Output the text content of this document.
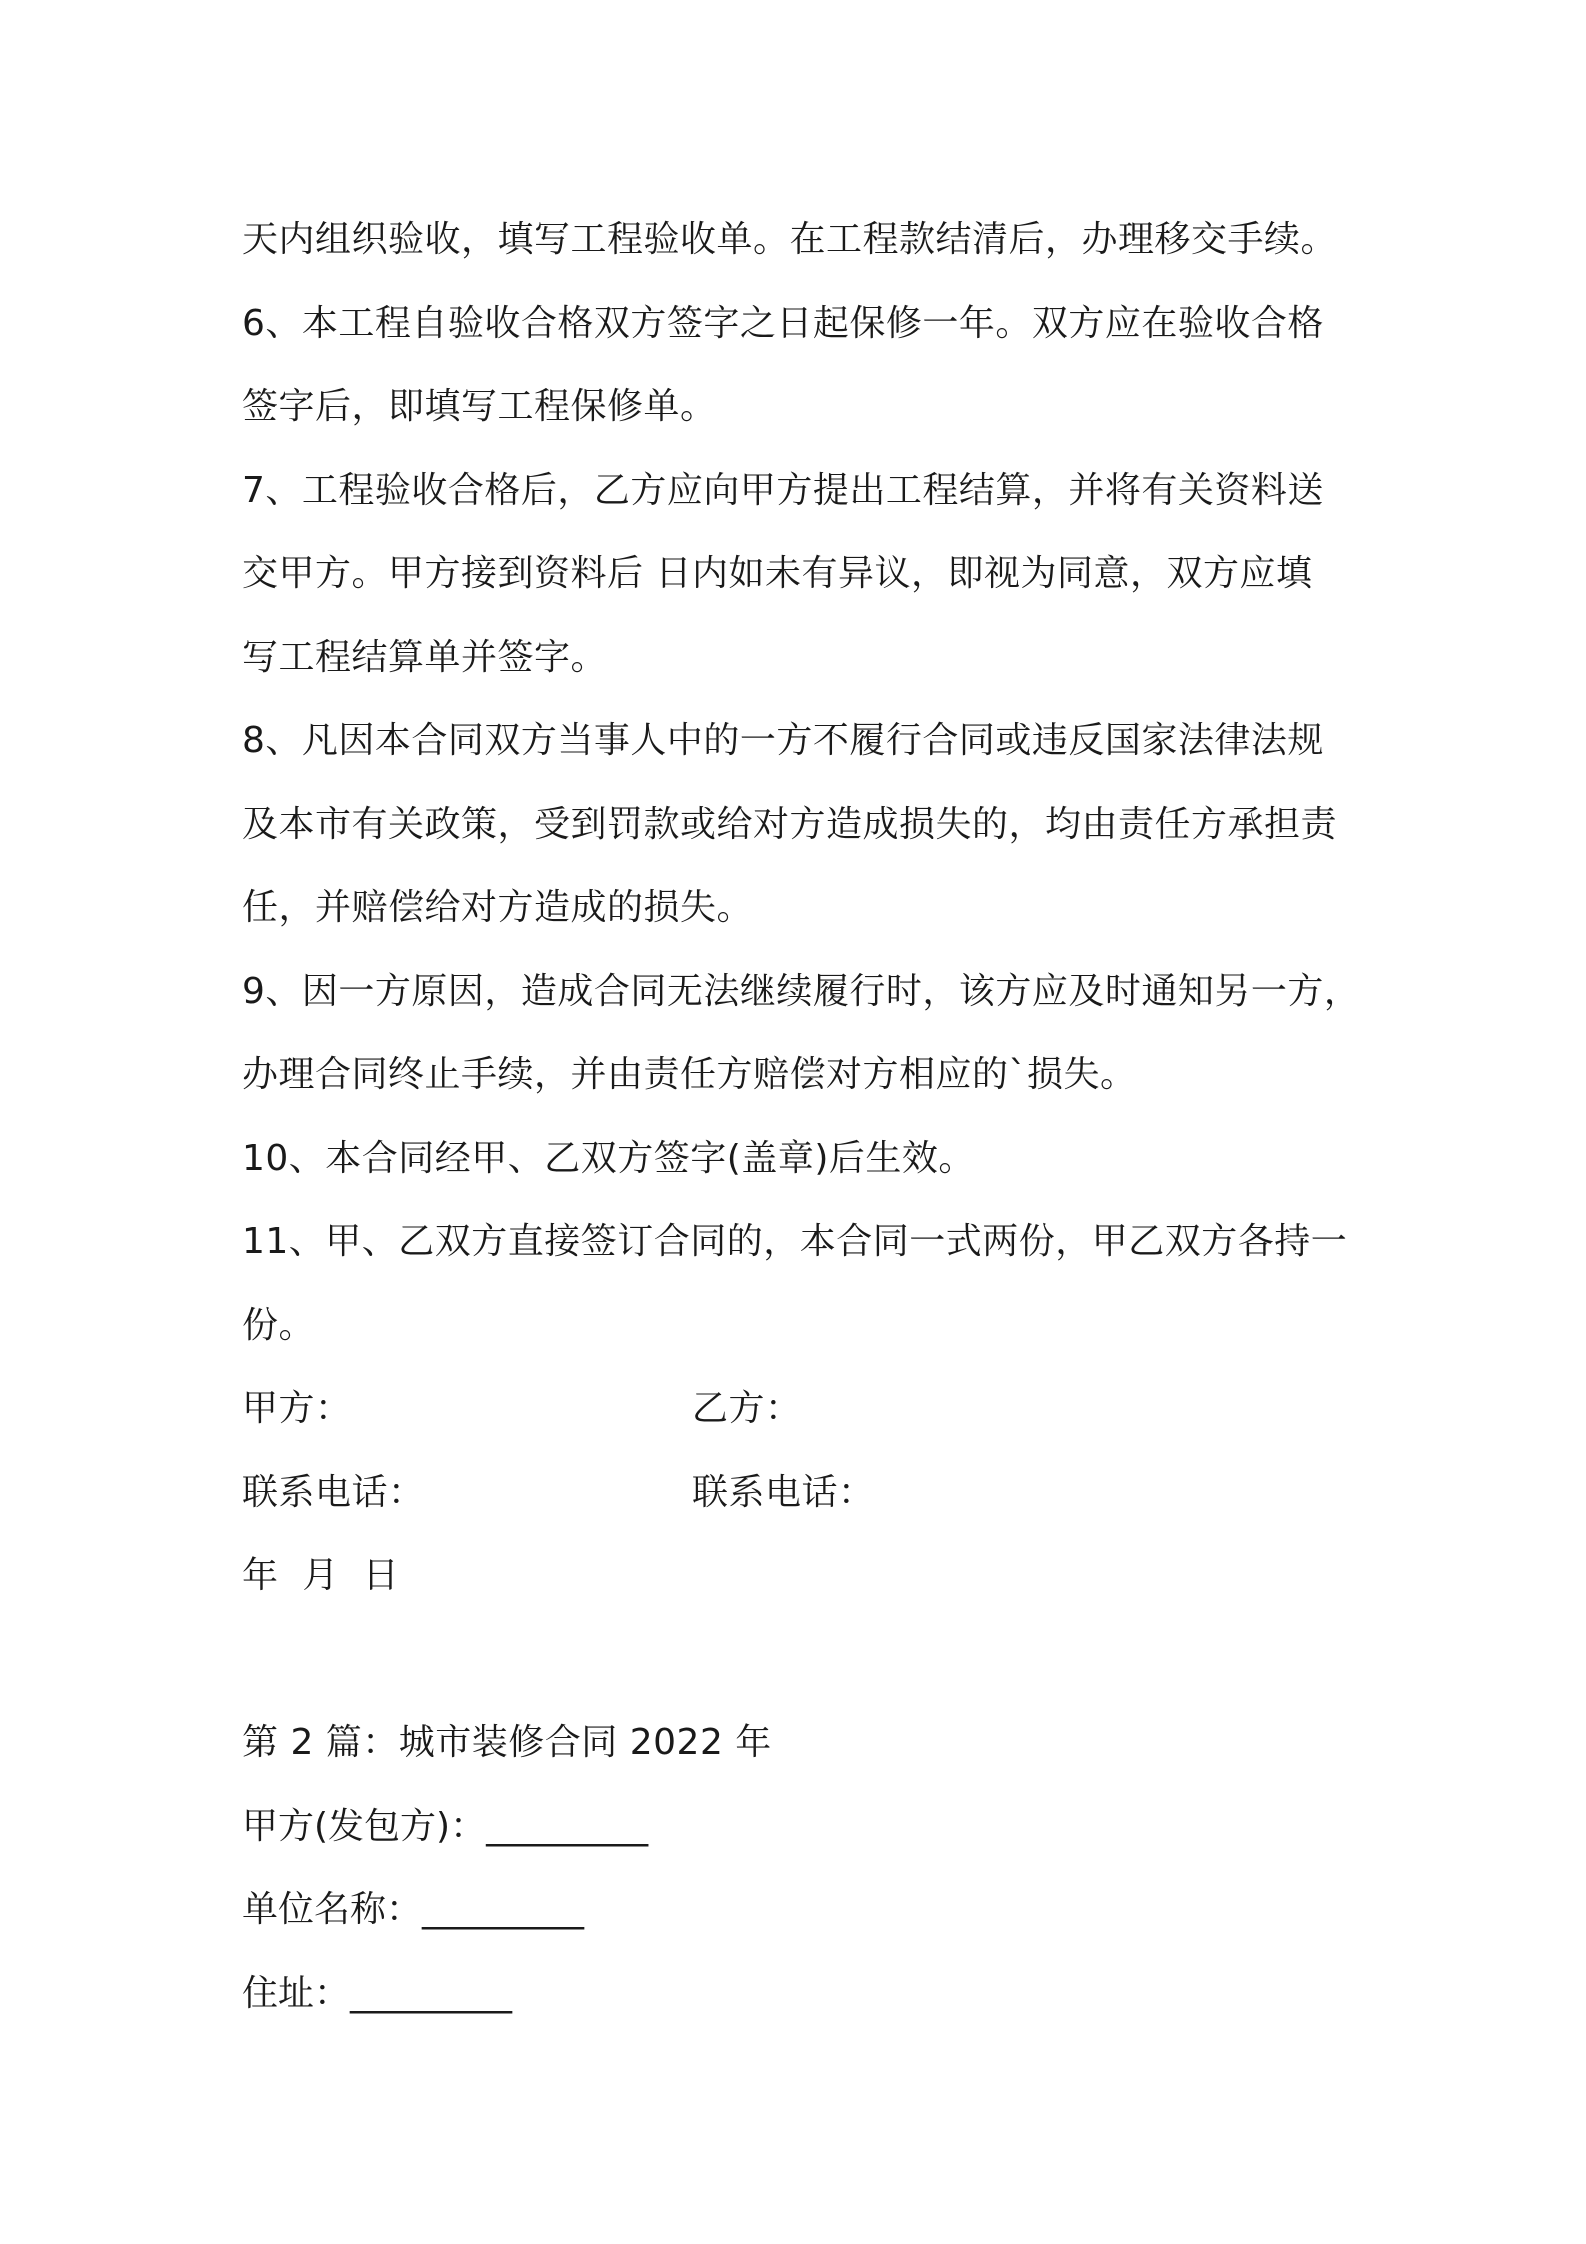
天内组织验收，填写工程验收单。在工程款结清后，办理移交手续。
6、本工程自验收合格双方签字之日起保修一年。双方应在验收合格
签字后，即填写工程保修单。
7、工程验收合格后，乙方应向甲方提出工程结算，并将有关资料送
交甲方。甲方接到资料后 日内如未有异议，即视为同意，双方应填
写工程结算单并签字。
8、凡因本合同双方当事人中的一方不履行合同或违反国家法律法规
及本市有关政策，受到罚款或给对方造成损失的，均由责任方承担责
任，并赔偿给对方造成的损失。
9、因一方原因，造成合同无法继续履行时，该方应及时通知另一方，
办理合同终止手续，并由责任方赔偿对方相应的`损失。
10、本合同经甲、乙双方签字(盖章)后生效。
11、甲、乙双方直接签订合同的，本合同一式两份，甲乙双方各持一
份。
甲方：	乙方：
联系电话：	联系电话：
年  月  日
第 2 篇：城市装修合同 2022 年
甲方(发包方)：_________
单位名称：_________
住址：_________
